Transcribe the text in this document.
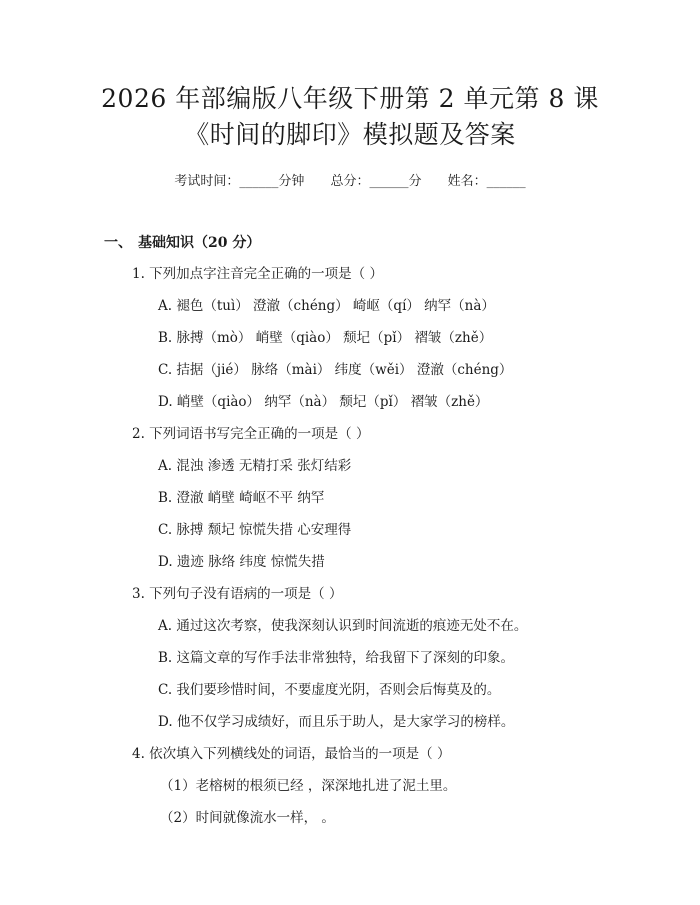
2026 年部编版八年级下册第 2 单元第 8 课
《时间的脚印》模拟题及答案
考试时间：______分钟 总分：______分 姓名：______
一、 基础知识（20 分）
1. 下列加点字注音完全正确的一项是（ ）
A. 褪色（tuì） 澄澈（chéng） 崎岖（qí） 纳罕（nà）
B. 脉搏（mò） 峭壁（qiào） 颓圮（pǐ） 褶皱（zhě）
C. 拮据（jié） 脉络（mài） 纬度（wěi） 澄澈（chéng）
D. 峭壁（qiào） 纳罕（nà） 颓圮（pǐ） 褶皱（zhě）
2. 下列词语书写完全正确的一项是（ ）
A. 混浊 渗透 无精打采 张灯结彩
B. 澄澈 峭壁 崎岖不平 纳罕
C. 脉搏 颓圮 惊慌失措 心安理得
D. 遗迹 脉络 纬度 惊慌失措
3. 下列句子没有语病的一项是（ ）
A. 通过这次考察，使我深刻认识到时间流逝的痕迹无处不在。
B. 这篇文章的写作手法非常独特，给我留下了深刻的印象。
C. 我们要珍惜时间，不要虚度光阴，否则会后悔莫及的。
D. 他不仅学习成绩好，而且乐于助人，是大家学习的榜样。
4. 依次填入下列横线处的词语，最恰当的一项是（ ）
（1）老榕树的根须已经 ，深深地扎进了泥土里。
（2）时间就像流水一样， 。
